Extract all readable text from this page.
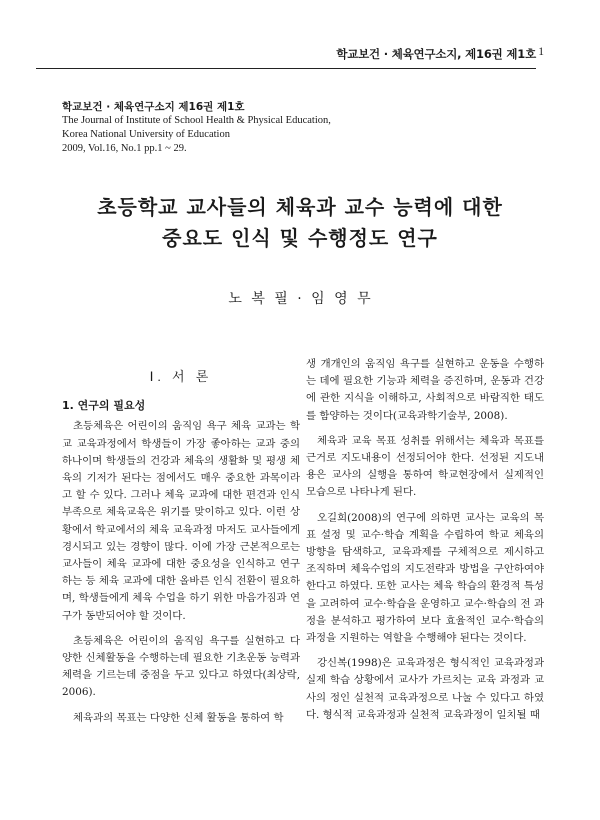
학교보건 · 체육연구소지, 제16권 제1호 1
학교보건 · 체육연구소지 제16권 제1호
The Journal of Institute of School Health & Physical Education,
Korea National University of Education
2009, Vol.16, No.1 pp.1 ~ 29.
초등학교 교사들의 체육과 교수 능력에 대한
중요도 인식 및 수행정도 연구
노 복 필 · 임 영 무
Ⅰ. 서 론
1. 연구의 필요성

초등체육은 어린이의 움직임 욕구 체육 교과는 학교 교육과정에서 학생들이 가장 좋아하는 교과 중의 하나이며 학생들의 건강과 체육의 생활화 및 평생 체육의 기저가 된다는 점에서도 매우 중요한 과목이라고 할 수 있다. 그러나 체육 교과에 대한 편견과 인식 부족으로 체육교육은 위기를 맞이하고 있다. 이런 상황에서 학교에서의 체육 교육과정 마저도 교사들에게 경시되고 있는 경향이 많다. 이에 가장 근본적으로는 교사들이 체육 교과에 대한 중요성을 인식하고 연구하는 등 체육 교과에 대한 올바른 인식 전환이 필요하며, 학생들에게 체육 수업을 하기 위한 마음가짐과 연구가 동반되어야 할 것이다.

초등체육은 어린이의 움직임 욕구를 실현하고 다양한 신체활동을 수행하는데 필요한 기초운동 능력과 체력을 기르는데 중점을 두고 있다고 하였다(최상락, 2006).

체육과의 목표는 다양한 신체 활동을 통하여 학

생 개개인의 움직임 욕구를 실현하고 운동을 수행하는 데에 필요한 기능과 체력을 증진하며, 운동과 건강에 관한 지식을 이해하고, 사회적으로 바람직한 태도를 함양하는 것이다(교육과학기술부, 2008).

체육과 교육 목표 성취를 위해서는 체육과 목표를 근거로 지도내용이 선정되어야 한다. 선정된 지도내용은 교사의 실행을 통하여 학교현장에서 실제적인 모습으로 나타나게 된다.

오길희(2008)의 연구에 의하면 교사는 교육의 목표 설정 및 교수·학습 계획을 수립하여 학교 체육의 방향을 탐색하고, 교육과제를 구체적으로 제시하고 조직하며 체육수업의 지도전략과 방법을 구안하여야 한다고 하였다. 또한 교사는 체육 학습의 환경적 특성을 고려하여 교수·학습을 운영하고 교수·학습의 전 과정을 분석하고 평가하여 보다 효율적인 교수·학습의 과정을 지원하는 역할을 수행해야 된다는 것이다.

강신복(1998)은 교육과정은 형식적인 교육과정과 실제 학습 상황에서 교사가 가르치는 교육 과정과 교사의 정인 실천적 교육과정으로 나눌 수 있다고 하였다. 형식적 교육과정과 실천적 교육과정이 일치될 때
